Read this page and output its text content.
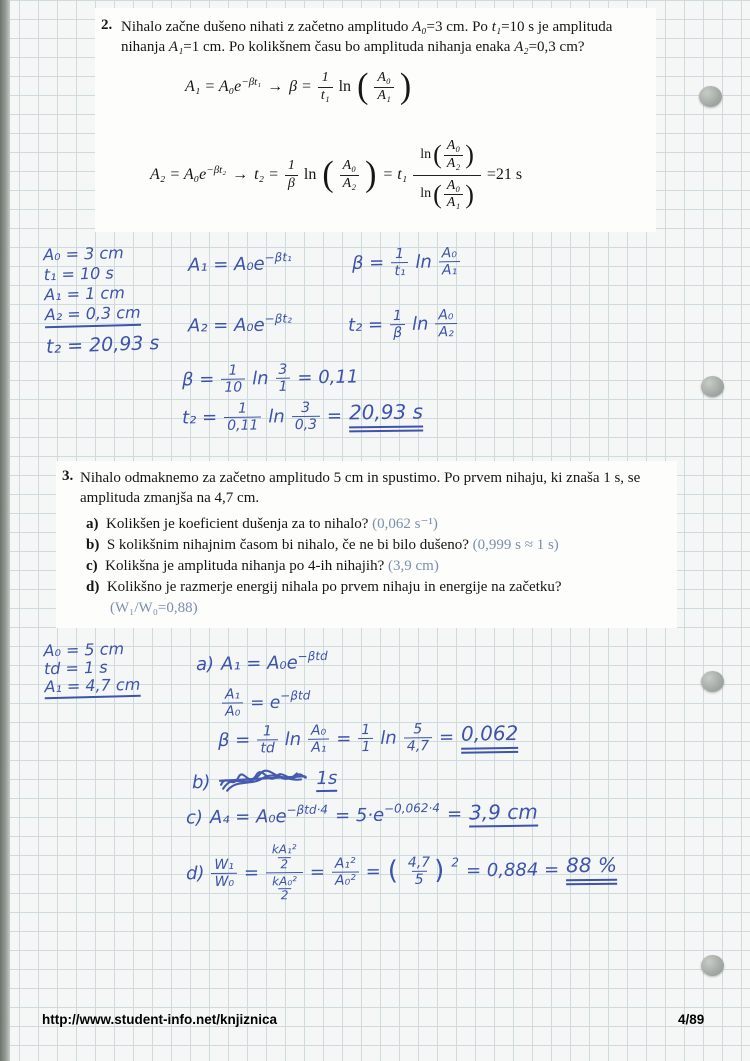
2. Nihalo začne dušeno nihati z začetno amplitudo A₀=3 cm. Po t₁=10 s je amplituda nihanja A₁=1 cm. Po kolikšnem času bo amplituda nihanja enaka A₂=0,3 cm?

$A_1 = A_0e^{-\beta t_1} \to \beta = \frac{1}{\text{t₁}}$ ln ( $\frac{\text{A₀}}{\text{A₁}}$ )
$A_2 = A_0e^{-\beta t_2} \to t_2 = \frac{1}{\beta}$ ln ( $\frac{\text{A₀}}{\text{A₂}}$ ) = $t_1 \frac{\ln ( \frac{\text{A₀}}{\text{A₂}} )}{\ln ( \frac{\text{A₀}}{\text{A₁}} )} =21$ s
A₀ = 3 cm
t₁ = 10 s
A₁ = 1 cm
A₂ = 0,3 cm
t₂ = 20,93 s
$A_1 = A_0e^{-\beta t_1}$	$\beta = \frac{1}{\text{t₁}}$ $\ln \frac{\text{A₀}}{\text{A₁}}$
$A_2 = A_0e^{-\beta t_2}$	$t_2 = \frac{1}{\beta}$ $\ln \frac{\text{A₀}}{\text{A₂}}$
$\beta = \frac{1}{10}$ $\ln \frac{3}{1} = 0,11$
$t_2 = \frac{1}{0,11}$ $\ln \frac{3}{0,3} = 20,93$ s
3. Nihalo odmaknemo za začetno amplitudo 5 cm in spustimo. Po prvem nihaju, ki znaša 1 s, se amplituda zmanjša na 4,7 cm.

a) Kolikšen je koeficient dušenja za to nihalo? (0,062 s⁻¹)
b) S kolikšnim nihajnim časom bi nihalo, če ne bi bilo dušeno? (0,999 s ≈ 1 s)
c) Kolikšna je amplituda nihanja po 4-ih nihajih? (3,9 cm)
d) Kolikšno je razmerje energij nihala po prvem nihaju in energije na začetku?
(W₁/W₀=0,88)
A₀ = 5 cm
td = 1 s
A₁ = 4,7 cm
a) $A_1 = A_0e^{-\beta td}$
$\frac{\text{A₁}}{\text{A₀}} = e^{-\beta td}$
$\beta = \frac{1}{td}$ $\ln \frac{\text{A₀}}{\text{A₁}} = \frac{1}{1}$ $\ln \frac{5}{4,7} = 0,062$
b)	1s
c) $A_4 = A_0e^{-\beta td\cdot 4} = 5\cdot e^{-0,062\cdot 4} = 3,9$ cm
$d) \frac{\text{W₁}}{\text{W₀}} = \frac{\frac{\text{kA₁²}}{2}}{\frac{\text{kA₀²}}{2}} = \frac{\text{A₁²}}{\text{A₀²}}$ = ( $\frac{4,7}{5}$ ) 2 = 0,884 = 88 %
http://www.student-info.net/knjiznica	4/89
